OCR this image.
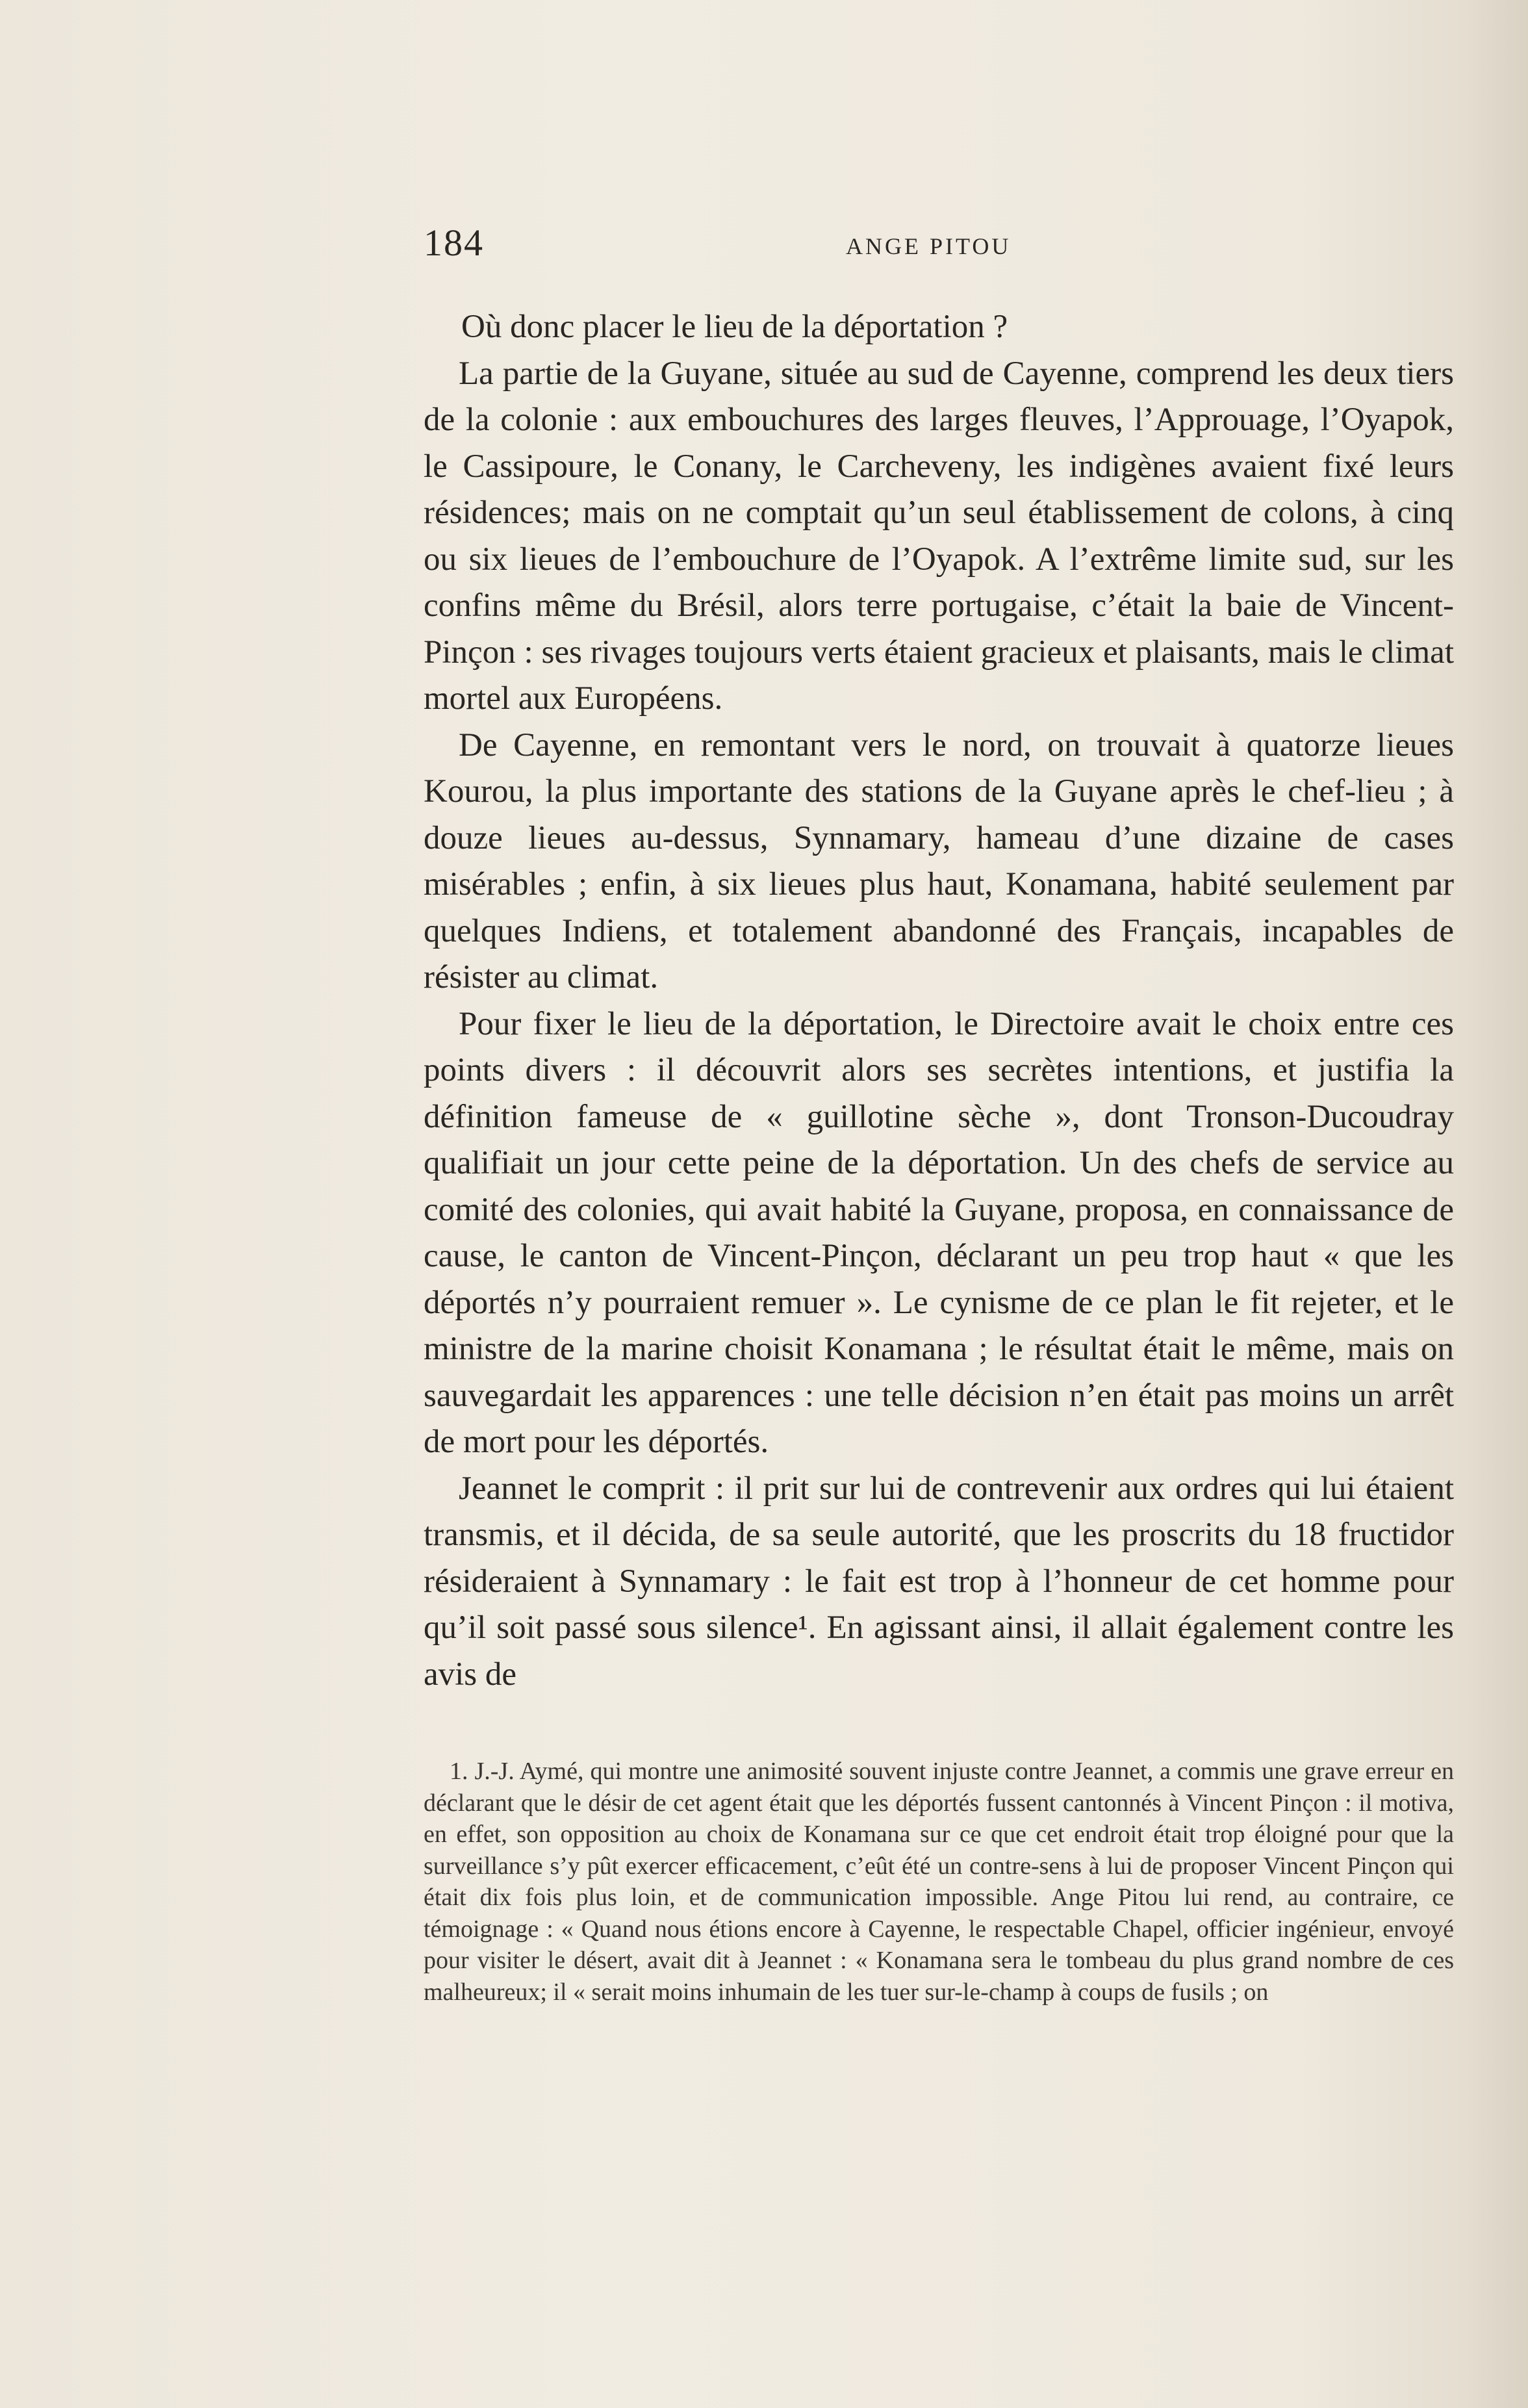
184	ANGE PITOU

Où donc placer le lieu de la déportation ?

La partie de la Guyane, située au sud de Cayenne, comprend les deux tiers de la colonie : aux embouchures des larges fleuves, l’Approuage, l’Oyapok, le Cassipoure, le Conany, le Carcheveny, les indigènes avaient fixé leurs résidences; mais on ne comptait qu’un seul établissement de colons, à cinq ou six lieues de l’embouchure de l’Oyapok. A l’extrême limite sud, sur les confins même du Brésil, alors terre portugaise, c’était la baie de Vincent-Pinçon : ses rivages toujours verts étaient gracieux et plaisants, mais le climat mortel aux Européens.

De Cayenne, en remontant vers le nord, on trouvait à quatorze lieues Kourou, la plus importante des stations de la Guyane après le chef-lieu ; à douze lieues au-dessus, Synnamary, hameau d’une dizaine de cases misérables ; enfin, à six lieues plus haut, Konamana, habité seulement par quelques Indiens, et totalement abandonné des Français, incapables de résister au climat.

Pour fixer le lieu de la déportation, le Directoire avait le choix entre ces points divers : il découvrit alors ses secrètes intentions, et justifia la définition fameuse de « guillotine sèche », dont Tronson-Ducoudray qualifiait un jour cette peine de la déportation. Un des chefs de service au comité des colonies, qui avait habité la Guyane, proposa, en connaissance de cause, le canton de Vincent-Pinçon, déclarant un peu trop haut « que les déportés n’y pourraient remuer ». Le cynisme de ce plan le fit rejeter, et le ministre de la marine choisit Konamana ; le résultat était le même, mais on sauvegardait les apparences : une telle décision n’en était pas moins un arrêt de mort pour les déportés.

Jeannet le comprit : il prit sur lui de contrevenir aux ordres qui lui étaient transmis, et il décida, de sa seule autorité, que les proscrits du 18 fructidor résideraient à Synnamary : le fait est trop à l’honneur de cet homme pour qu’il soit passé sous silence¹. En agissant ainsi, il allait également contre les avis de

1. J.-J. Aymé, qui montre une animosité souvent injuste contre Jeannet, a commis une grave erreur en déclarant que le désir de cet agent était que les déportés fussent cantonnés à Vincent Pinçon : il motiva, en effet, son opposition au choix de Konamana sur ce que cet endroit était trop éloigné pour que la surveillance s’y pût exercer efficacement, c’eût été un contre-sens à lui de proposer Vincent Pinçon qui était dix fois plus loin, et de communication impossible. Ange Pitou lui rend, au contraire, ce témoignage : « Quand nous étions encore à Cayenne, le respectable Chapel, officier ingénieur, envoyé pour visiter le désert, avait dit à Jeannet : « Konamana sera le tombeau du plus grand nombre de ces malheureux; il « serait moins inhumain de les tuer sur-le-champ à coups de fusils ; on
